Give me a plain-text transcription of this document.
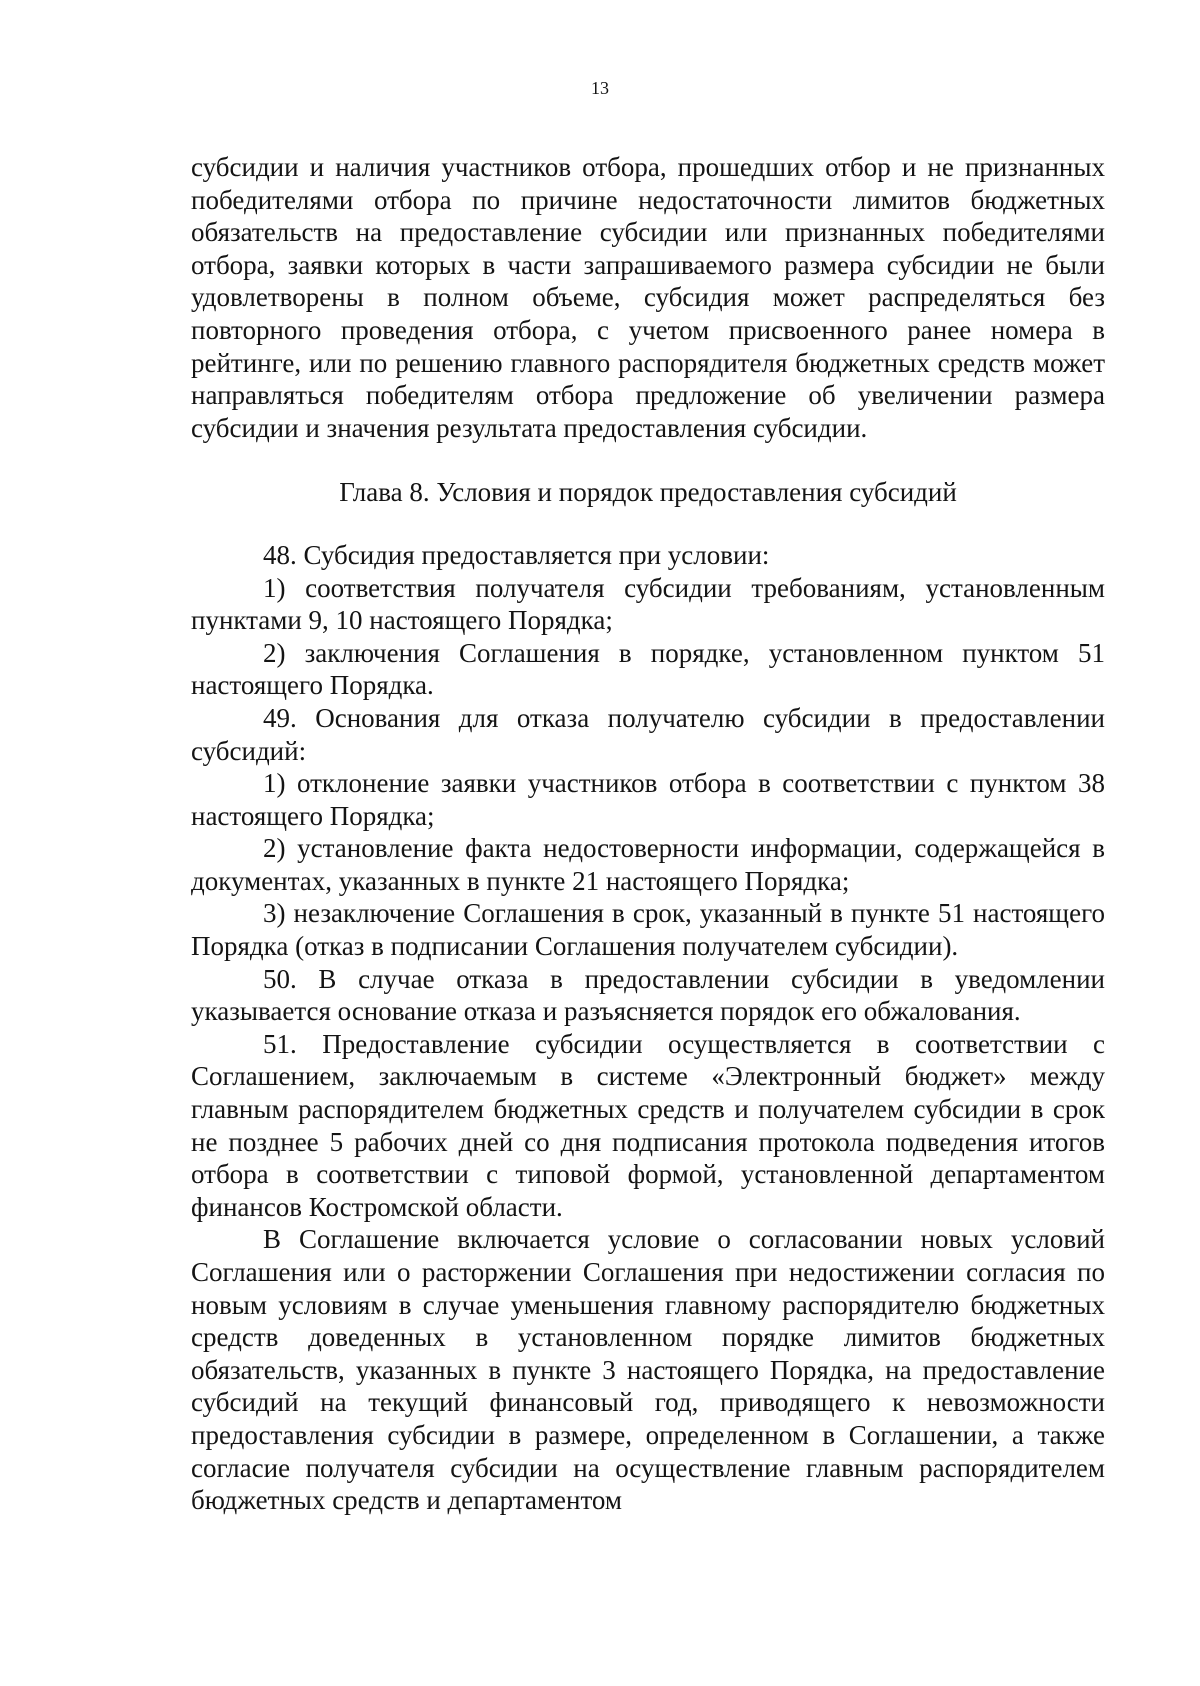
13

субсидии и наличия участников отбора, прошедших отбор и не признанных победителями отбора по причине недостаточности лимитов бюджетных обязательств на предоставление субсидии или признанных победителями отбора, заявки которых в части запрашиваемого размера субсидии не были удовлетворены в полном объеме, субсидия может распределяться без повторного проведения отбора, с учетом присвоенного ранее номера в рейтинге, или по решению главного распорядителя бюджетных средств может направляться победителям отбора предложение об увеличении размера субсидии и значения результата предоставления субсидии.

Глава 8. Условия и порядок предоставления субсидий

48. Субсидия предоставляется при условии:

1) соответствия получателя субсидии требованиям, установленным пунктами 9, 10 настоящего Порядка;

2) заключения Соглашения в порядке, установленном пунктом 51 настоящего Порядка.

49. Основания для отказа получателю субсидии в предоставлении субсидий:

1) отклонение заявки участников отбора в соответствии с пунктом 38 настоящего Порядка;

2) установление факта недостоверности информации, содержащейся в документах, указанных в пункте 21 настоящего Порядка;

3) незаключение Соглашения в срок, указанный в пункте 51 настоящего Порядка (отказ в подписании Соглашения получателем субсидии).

50. В случае отказа в предоставлении субсидии в уведомлении указывается основание отказа и разъясняется порядок его обжалования.

51. Предоставление субсидии осуществляется в соответствии с Соглашением, заключаемым в системе «Электронный бюджет» между главным распорядителем бюджетных средств и получателем субсидии в срок не позднее 5 рабочих дней со дня подписания протокола подведения итогов отбора в соответствии с типовой формой, установленной департаментом финансов Костромской области.

В Соглашение включается условие о согласовании новых условий Соглашения или о расторжении Соглашения при недостижении согласия по новым условиям в случае уменьшения главному распорядителю бюджетных средств доведенных в установленном порядке лимитов бюджетных обязательств, указанных в пункте 3 настоящего Порядка, на предоставление субсидий на текущий финансовый год, приводящего к невозможности предоставления субсидии в размере, определенном в Соглашении, а также согласие получателя субсидии на осуществление главным распорядителем бюджетных средств и департаментом
